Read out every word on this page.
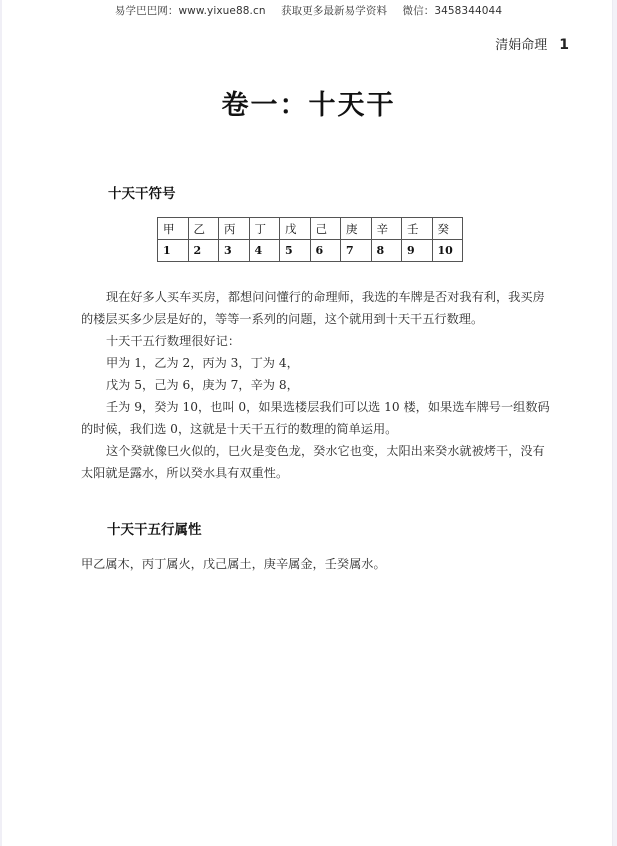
易学巴巴网：www.yixue88.cn 获取更多最新易学资料 微信：3458344044
清娟命理 1
卷一：十天干
十天干符号
甲	乙	丙	丁	戊	己	庚	辛	壬	癸
1	2	3	4	5	6	7	8	9	10

现在好多人买车买房，都想问问懂行的命理师，我选的车牌是否对我有利，我买房的楼层买多少层是好的，等等一系列的问题，这个就用到十天干五行数理。

十天干五行数理很好记：

甲为 1，乙为 2，丙为 3，丁为 4，

戊为 5，己为 6，庚为 7，辛为 8，

壬为 9，癸为 10，也叫 0，如果选楼层我们可以选 10 楼，如果选车牌号一组数码的时候，我们选 0，这就是十天干五行的数理的简单运用。

这个癸就像巳火似的，巳火是变色龙，癸水它也变，太阳出来癸水就被烤干，没有太阳就是露水，所以癸水具有双重性。

十天干五行属性
甲乙属木，丙丁属火，戊己属土，庚辛属金，壬癸属水。
